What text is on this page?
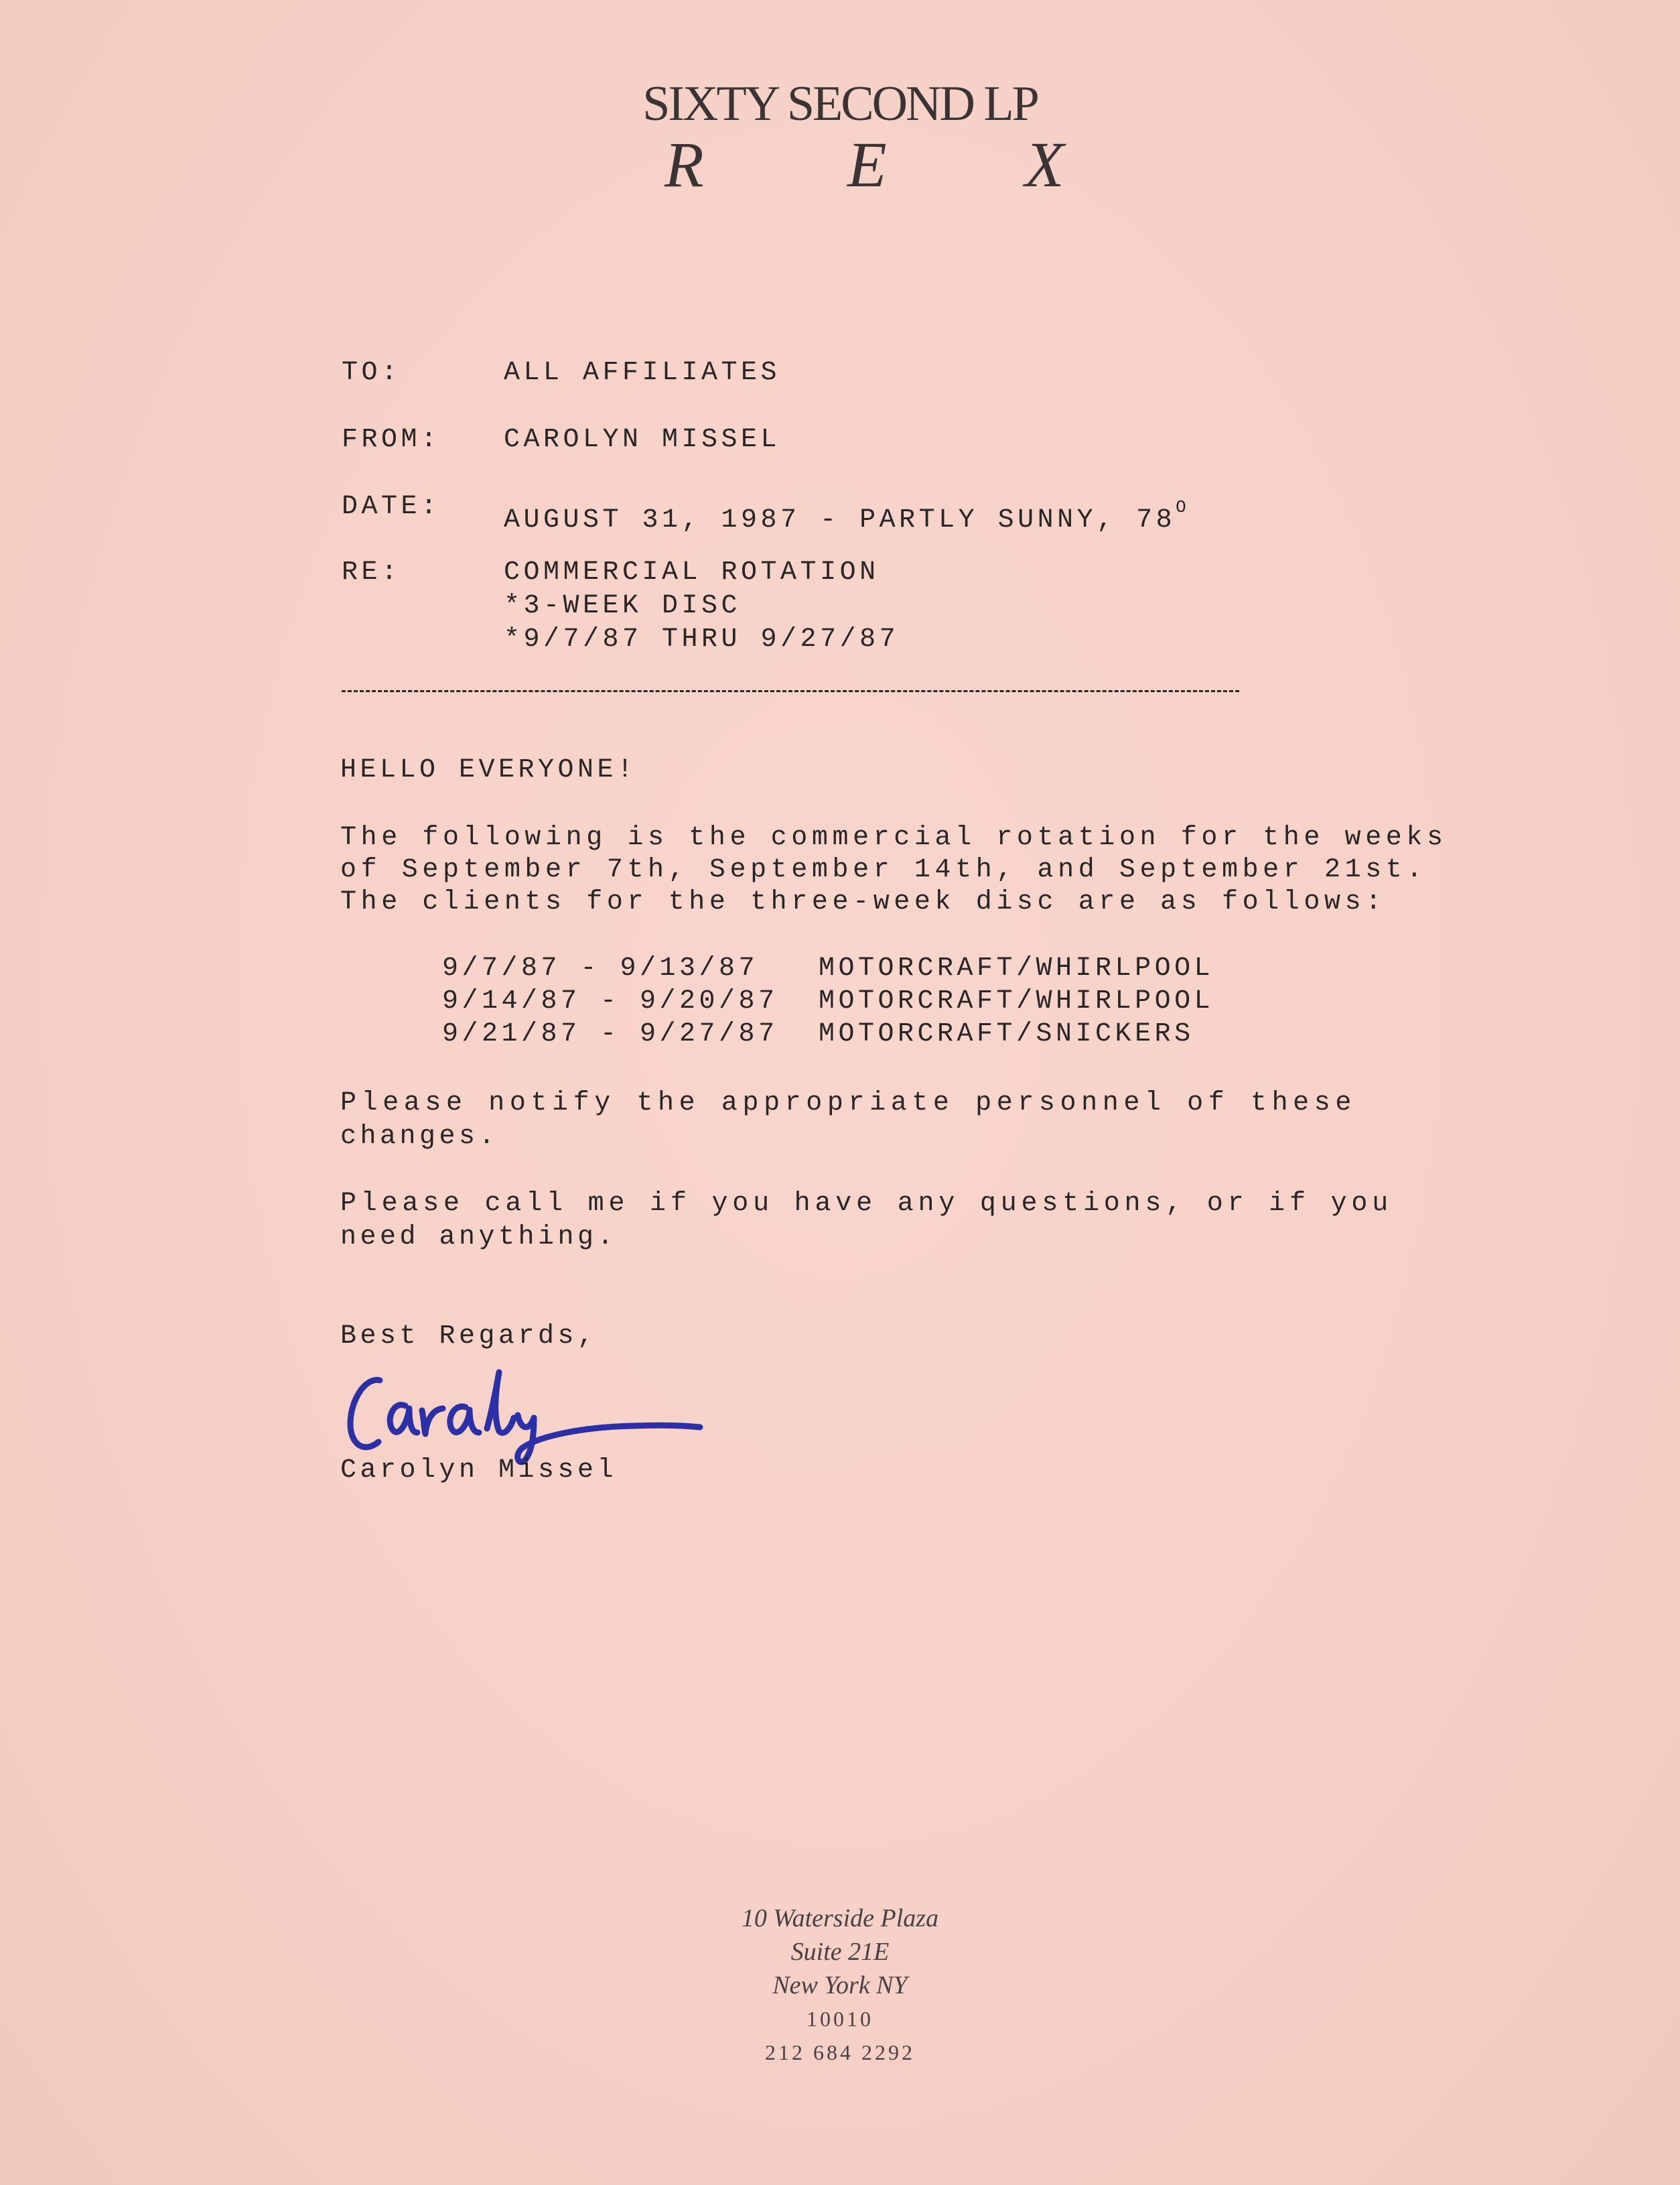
SIXTY SECOND LP
R E X
TO:	ALL AFFILIATES
FROM: CAROLYN MISSEL
DATE: AUGUST 31, 1987 - PARTLY SUNNY, $78^O$
RE:	COMMERCIAL ROTATION
*3-WEEK DISC
*9/7/87 THRU 9/27/87
HELLO EVERYONE!
The following is the commercial rotation for the weeks
of September 7th, September 14th, and September 21st.
The clients for the three-week disc are as follows:
9/7/87 - 9/13/87 MOTORCRAFT/WHIRLPOOL
9/14/87 - 9/20/87 MOTORCRAFT/WHIRLPOOL
9/21/87 - 9/27/87 MOTORCRAFT/SNICKERS
Please notify the appropriate personnel of these
changes.
Please call me if you have any questions, or if you
need anything.
Best Regards,
Carolyn Missel
10 Waterside Plaza
Suite 21E
New York NY
10010
212 684 2292
